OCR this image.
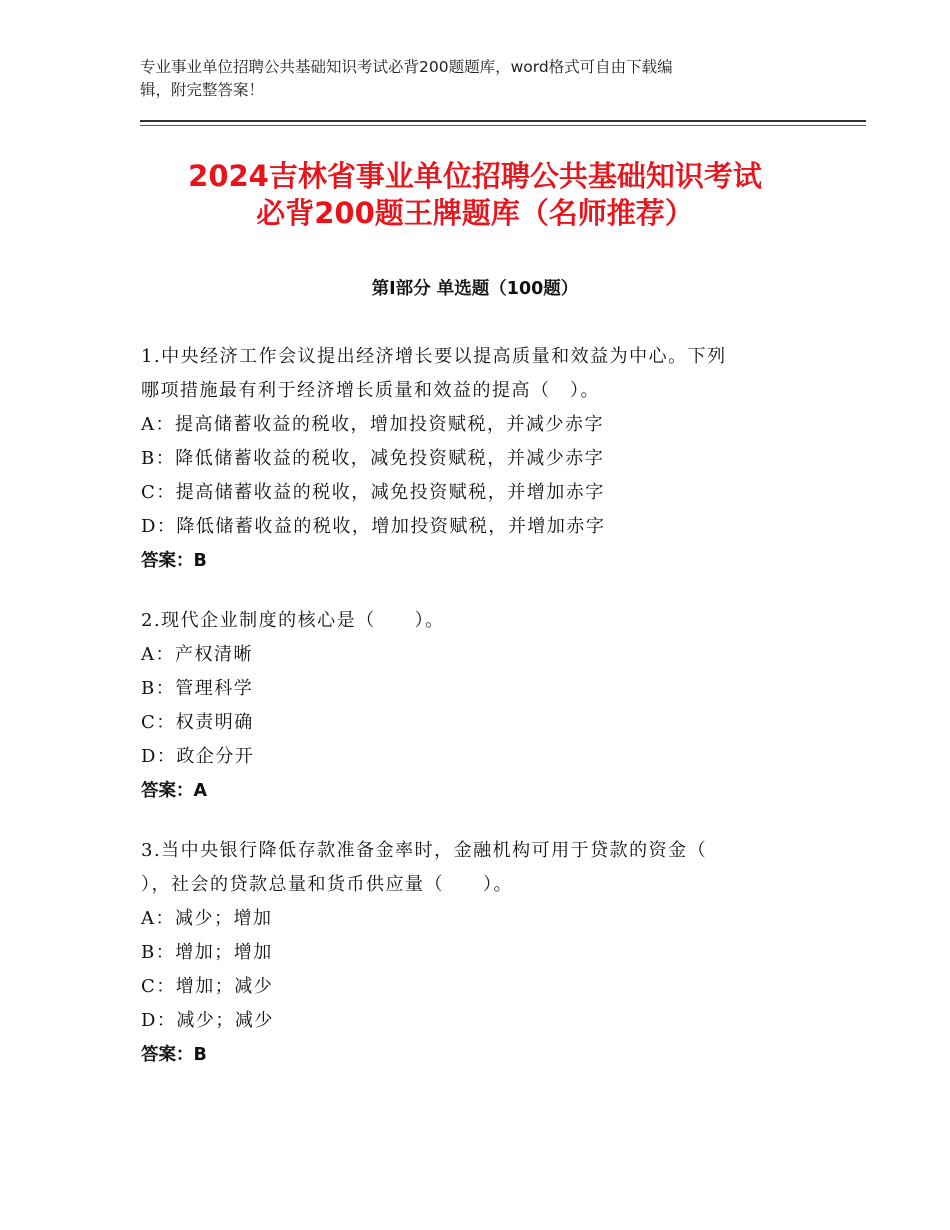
专业事业单位招聘公共基础知识考试必背200题题库，word格式可自由下载编
辑，附完整答案！
2024吉林省事业单位招聘公共基础知识考试
必背200题王牌题库（名师推荐）
第Ⅰ部分 单选题（100题）
1.中央经济工作会议提出经济增长要以提高质量和效益为中心。下列
哪项措施最有利于经济增长质量和效益的提高（　）。
A：提高储蓄收益的税收，增加投资赋税，并减少赤字
B：降低储蓄收益的税收，减免投资赋税，并减少赤字
C：提高储蓄收益的税收，减免投资赋税，并增加赤字
D：降低储蓄收益的税收，增加投资赋税，并增加赤字
答案：B
2.现代企业制度的核心是（　　）。
A：产权清晰
B：管理科学
C：权责明确
D：政企分开
答案：A
3.当中央银行降低存款准备金率时，金融机构可用于贷款的资金（
），社会的贷款总量和货币供应量（　　）。
A：减少；增加
B：增加；增加
C：增加；减少
D：减少；减少
答案：B
